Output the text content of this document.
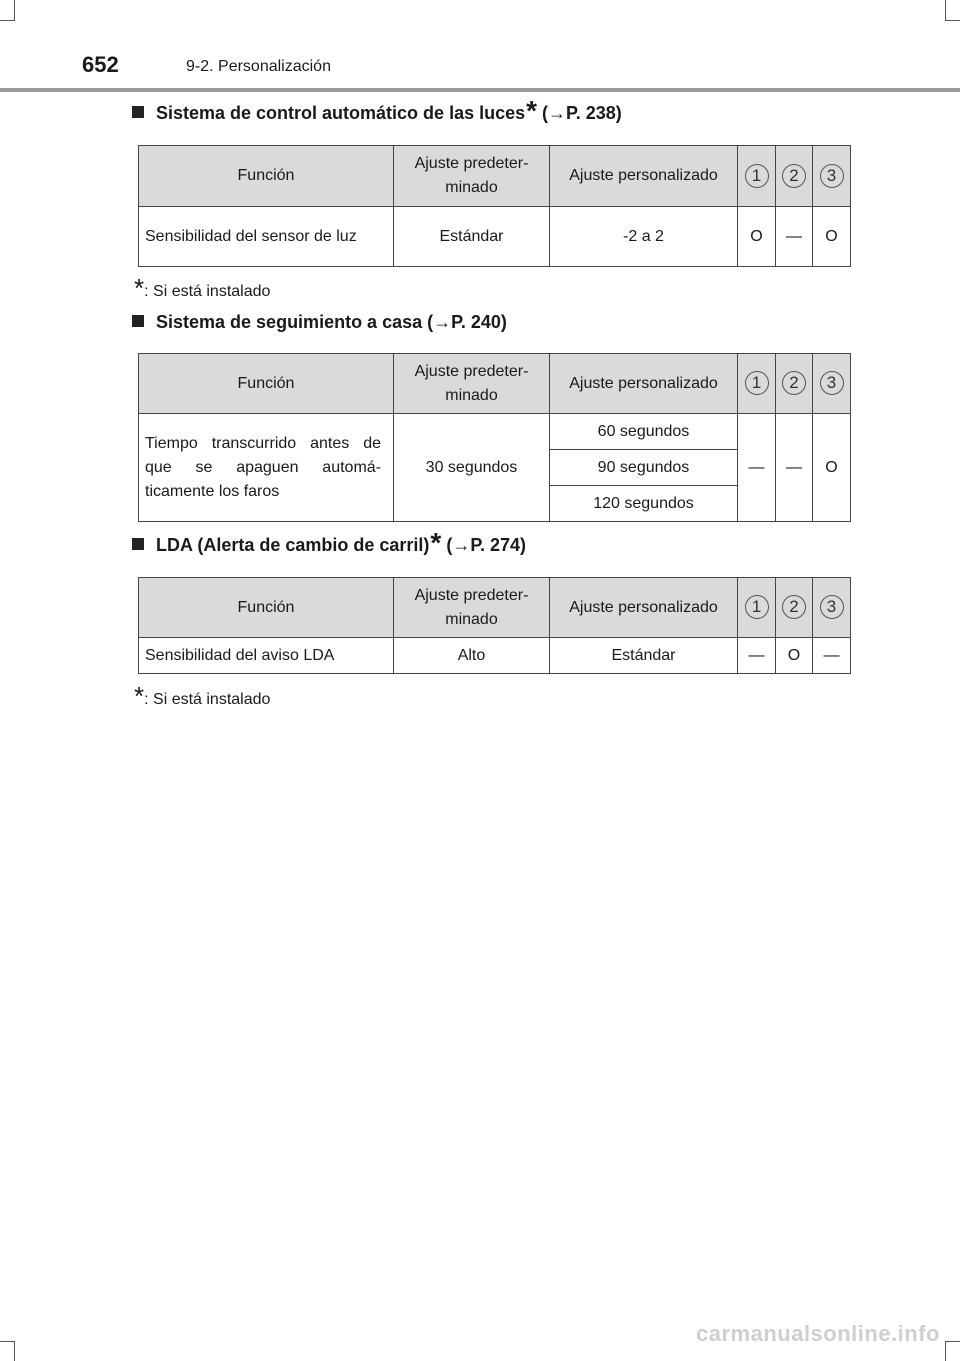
652	9-2. Personalización
Sistema de control automático de las luces* (→P. 238)
Función	Ajuste predeter-minado	Ajuste personalizado	1	2	3
Sensibilidad del sensor de luz	Estándar	-2 a 2	O	—	O
*: Si está instalado
Sistema de seguimiento a casa (→P. 240)
Función	Ajuste predeter-minado	Ajuste personalizado	1	2	3
Tiempo transcurrido antes de que se apaguen automá-ticamente los faros	30 segundos	60 segundos	—	—	O
		90 segundos			
		120 segundos			
LDA (Alerta de cambio de carril)* (→P. 274)
Función	Ajuste predeter-minado	Ajuste personalizado	1	2	3
Sensibilidad del aviso LDA	Alto	Estándar	—	O	—
*: Si está instalado
carmanualsonline.info
